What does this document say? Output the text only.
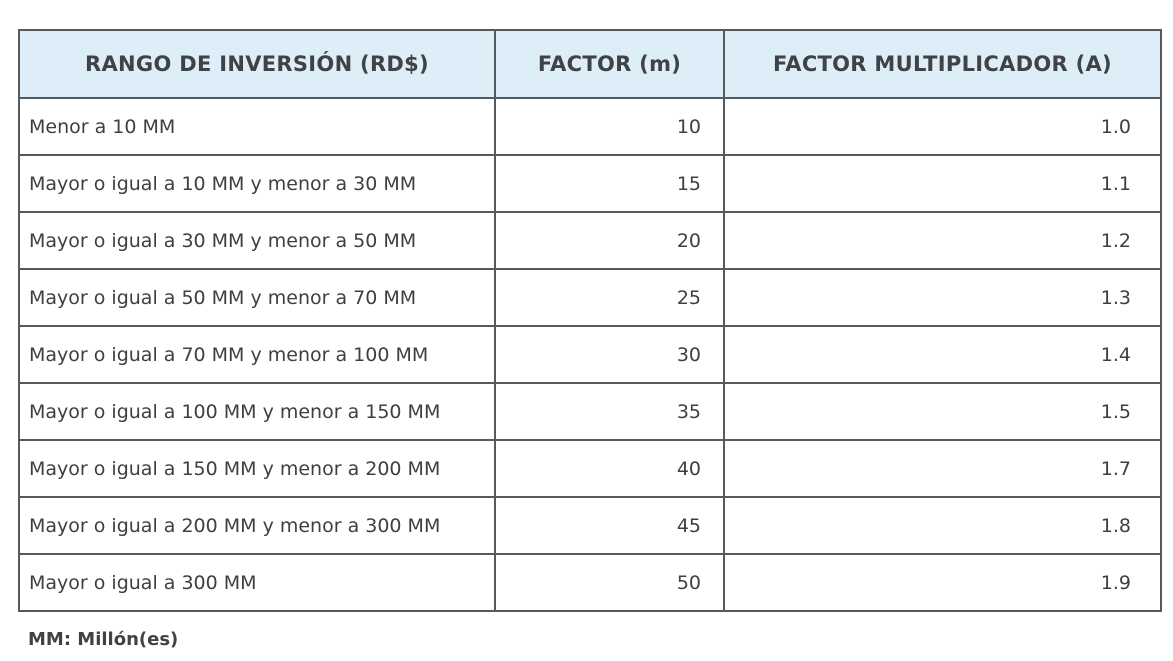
RANGO DE INVERSIÓN (RD$)	FACTOR (m)	FACTOR MULTIPLICADOR (A)
Menor a 10 MM	10	1.0
Mayor o igual a 10 MM y menor a 30 MM	15	1.1
Mayor o igual a 30 MM y menor a 50 MM	20	1.2
Mayor o igual a 50 MM y menor a 70 MM	25	1.3
Mayor o igual a 70 MM y menor a 100 MM	30	1.4
Mayor o igual a 100 MM y menor a 150 MM	35	1.5
Mayor o igual a 150 MM y menor a 200 MM	40	1.7
Mayor o igual a 200 MM y menor a 300 MM	45	1.8
Mayor o igual a 300 MM	50	1.9
MM: Millón(es)
